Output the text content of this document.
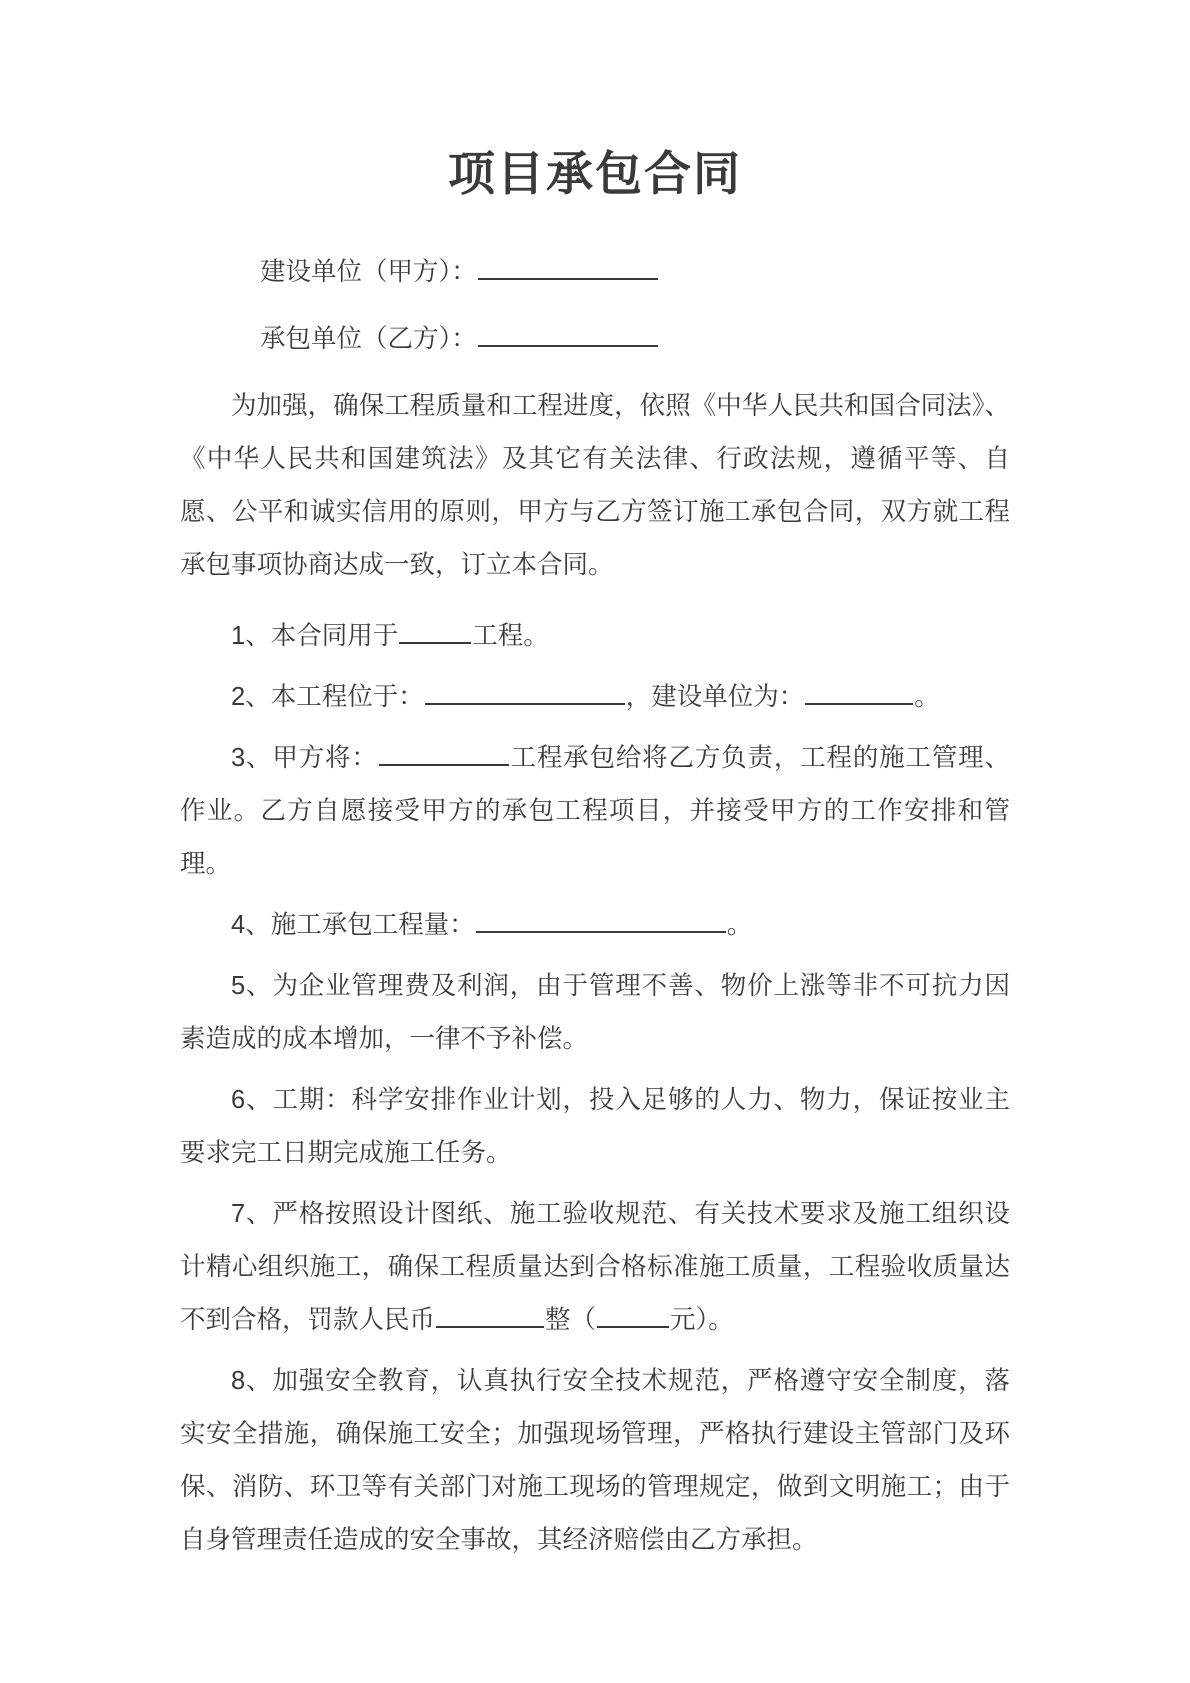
项目承包合同
建设单位（甲方）：
承包单位（乙方）：

为加强，确保工程质量和工程进度，依照《中华人民共和国合同法》、《中华人民共和国建筑法》及其它有关法律、行政法规，遵循平等、自愿、公平和诚实信用的原则，甲方与乙方签订施工承包合同，双方就工程承包事项协商达成一致，订立本合同。

1、本合同用于	工程。

2、本工程位于：	，建设单位为：	。

3、甲方将：	工程承包给将乙方负责，工程的施工管理、作业。乙方自愿接受甲方的承包工程项目，并接受甲方的工作安排和管理。

4、施工承包工程量：	。

5、为企业管理费及利润，由于管理不善、物价上涨等非不可抗力因素造成的成本增加，一律不予补偿。

6、工期：科学安排作业计划，投入足够的人力、物力，保证按业主要求完工日期完成施工任务。

7、严格按照设计图纸、施工验收规范、有关技术要求及施工组织设计精心组织施工，确保工程质量达到合格标准施工质量，工程验收质量达不到合格，罚款人民币	整（	元）。

8、加强安全教育，认真执行安全技术规范，严格遵守安全制度，落实安全措施，确保施工安全；加强现场管理，严格执行建设主管部门及环保、消防、环卫等有关部门对施工现场的管理规定，做到文明施工；由于自身管理责任造成的安全事故，其经济赔偿由乙方承担。
